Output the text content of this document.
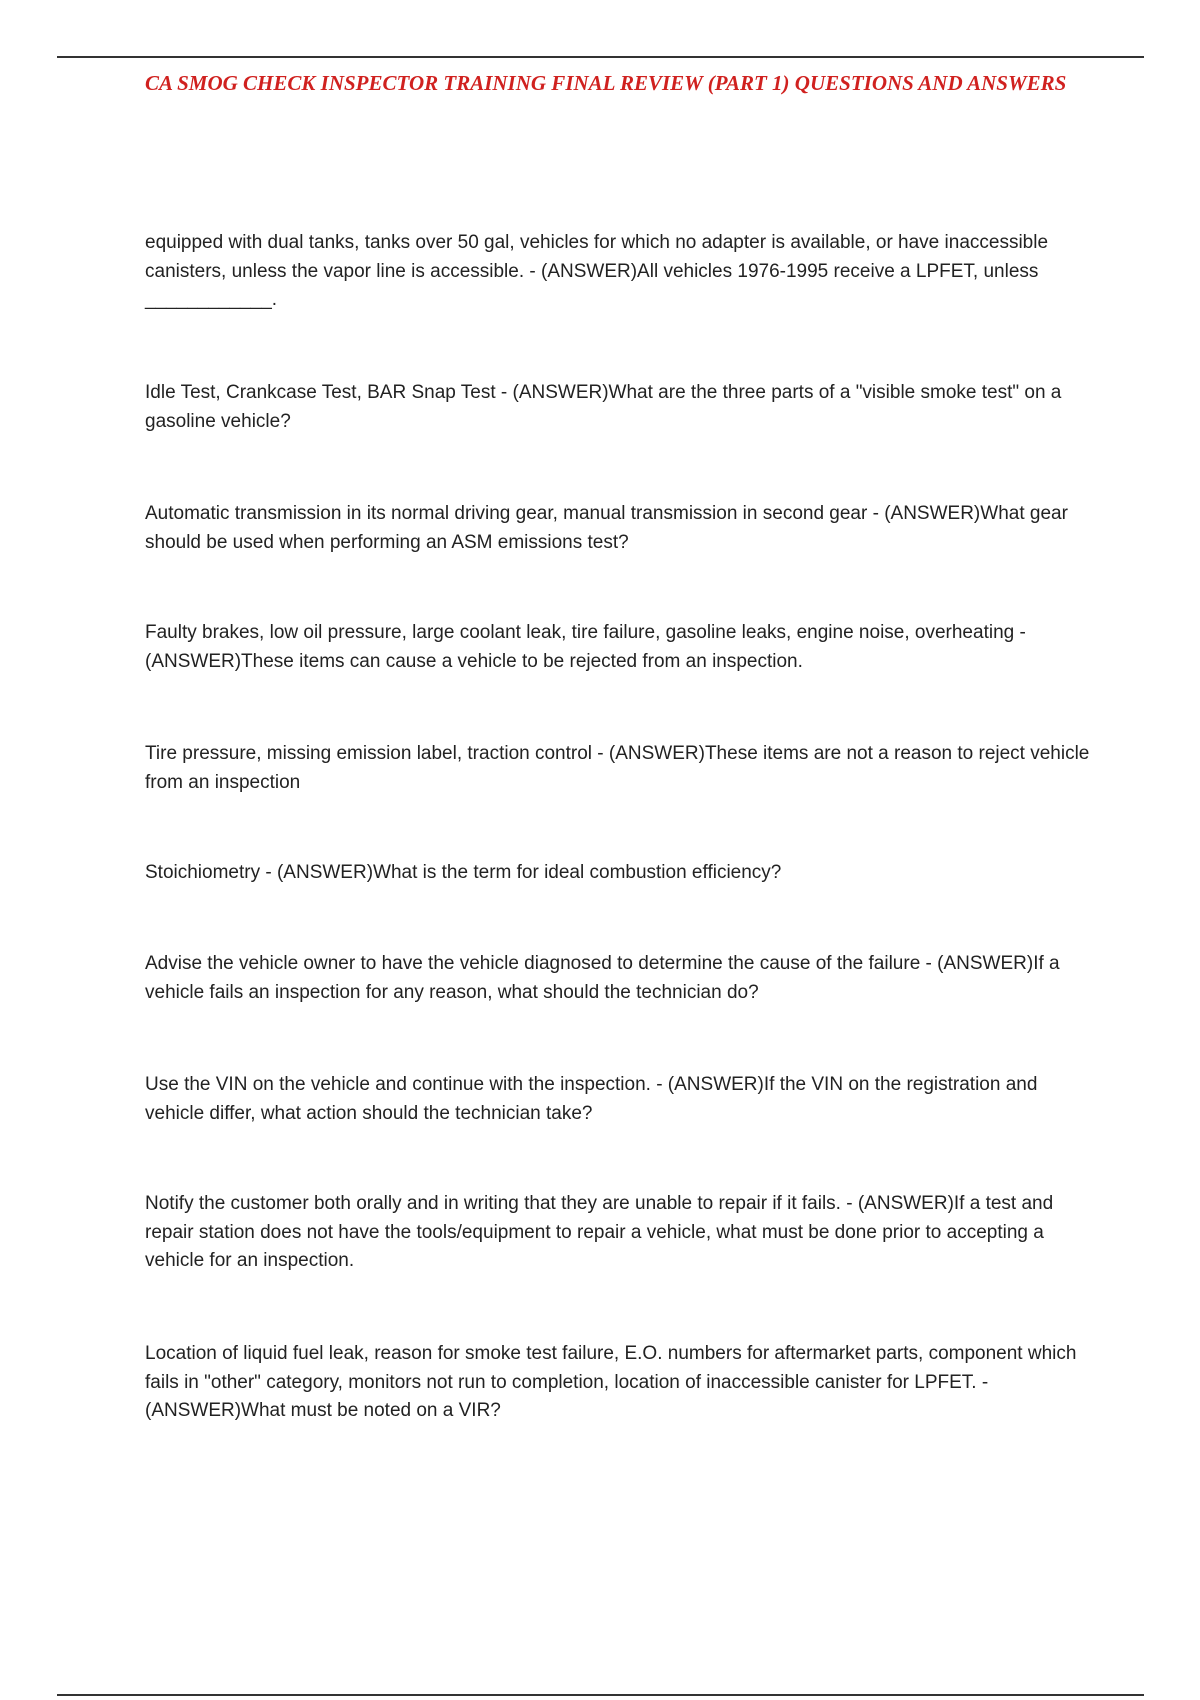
CA SMOG CHECK INSPECTOR TRAINING FINAL REVIEW (PART 1) QUESTIONS AND ANSWERS

equipped with dual tanks, tanks over 50 gal, vehicles for which no adapter is available, or have inaccessible canisters, unless the vapor line is accessible. - (ANSWER)All vehicles 1976-1995 receive a LPFET, unless ____________.

Idle Test, Crankcase Test, BAR Snap Test - (ANSWER)What are the three parts of a "visible smoke test" on a gasoline vehicle?

Automatic transmission in its normal driving gear, manual transmission in second gear - (ANSWER)What gear should be used when performing an ASM emissions test?

Faulty brakes, low oil pressure, large coolant leak, tire failure, gasoline leaks, engine noise, overheating - (ANSWER)These items can cause a vehicle to be rejected from an inspection.

Tire pressure, missing emission label, traction control - (ANSWER)These items are not a reason to reject vehicle from an inspection

Stoichiometry - (ANSWER)What is the term for ideal combustion efficiency?

Advise the vehicle owner to have the vehicle diagnosed to determine the cause of the failure - (ANSWER)If a vehicle fails an inspection for any reason, what should the technician do?

Use the VIN on the vehicle and continue with the inspection. - (ANSWER)If the VIN on the registration and vehicle differ, what action should the technician take?

Notify the customer both orally and in writing that they are unable to repair if it fails. - (ANSWER)If a test and repair station does not have the tools/equipment to repair a vehicle, what must be done prior to accepting a vehicle for an inspection.

Location of liquid fuel leak, reason for smoke test failure, E.O. numbers for aftermarket parts, component which fails in "other" category, monitors not run to completion, location of inaccessible canister for LPFET. - (ANSWER)What must be noted on a VIR?
